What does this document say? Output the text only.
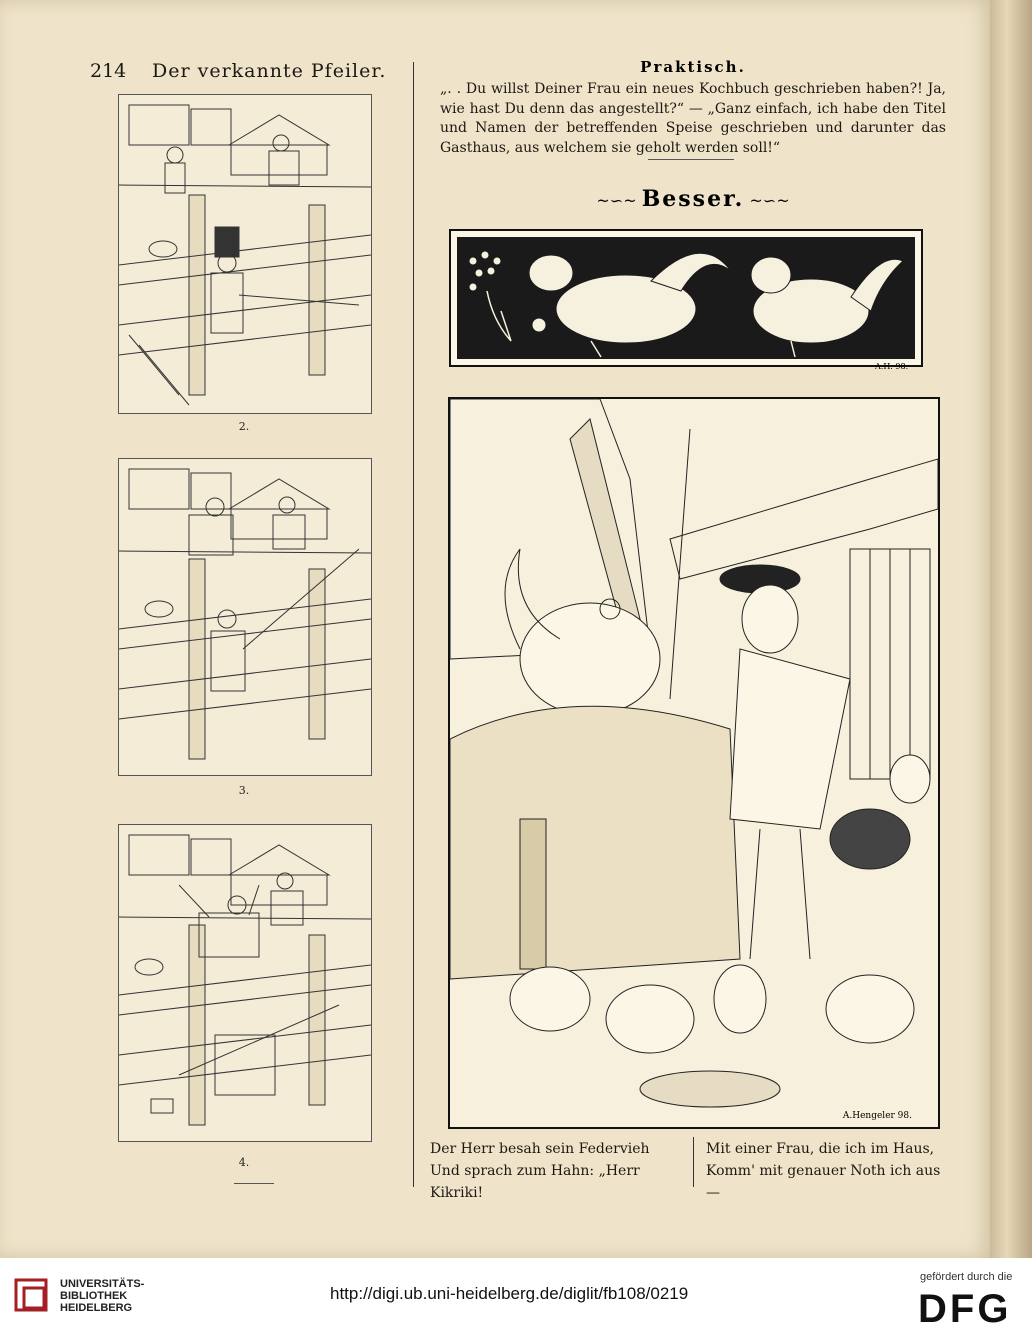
214 Der verkannte Pfeiler.
2.
3.
4.
Praktisch.
„. . Du willst Deiner Frau ein neues Kochbuch geschrieben haben?! Ja, wie hast Du denn das angestellt?“ — „Ganz einfach, ich habe den Titel und Namen der betreffenden Speise geschrieben und darunter das Gasthaus, aus welchem sie geholt werden soll!“
~∽~ Besser. ~∽~
A.H. 98.
A.Hengeler 98.
Der Herr besah sein Federvieh
Und sprach zum Hahn: „Herr Kikriki!
Mit einer Frau, die ich im Haus,
Komm' mit genauer Noth ich aus —
UNIVERSITÄTS-
BIBLIOTHEK
HEIDELBERG
http://digi.ub.uni-heidelberg.de/diglit/fb108/0219
gefördert durch die
DFG
